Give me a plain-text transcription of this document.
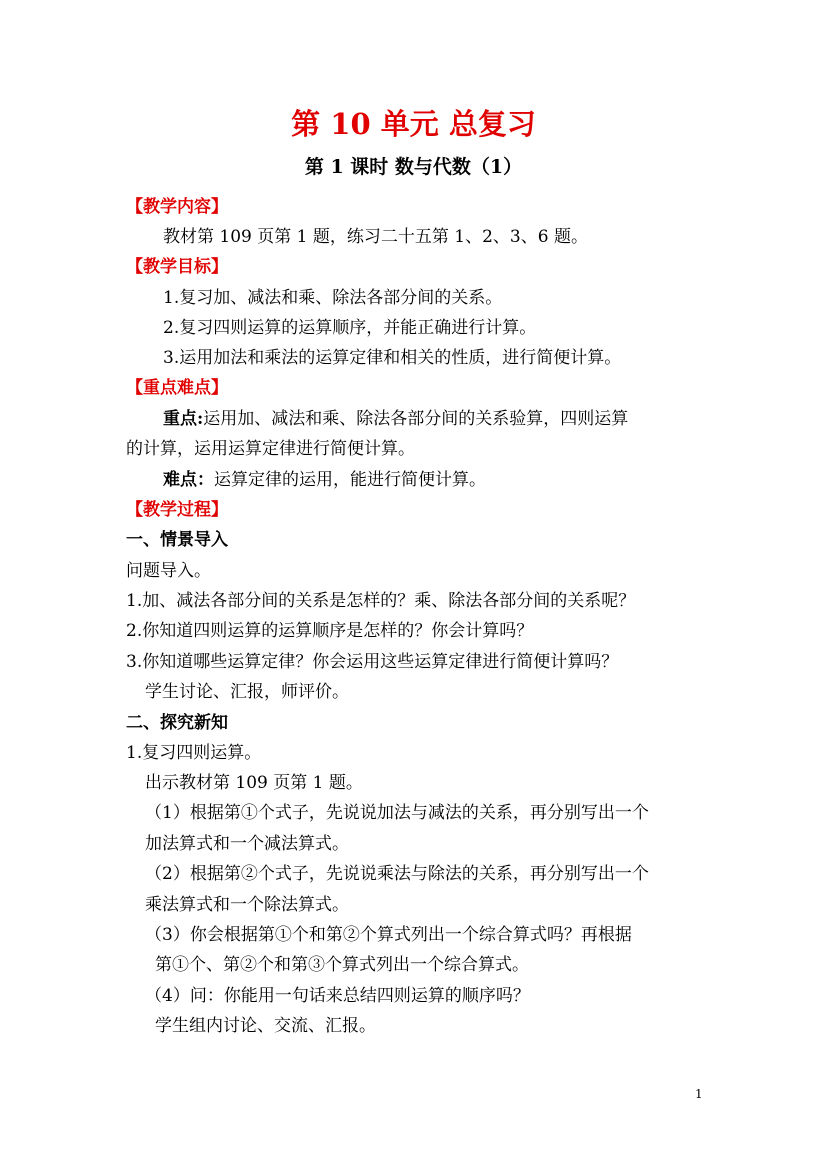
第 10 单元 总复习
第 1 课时 数与代数（1）
【教学内容】
教材第 109 页第 1 题，练习二十五第 1、2、3、6 题。
【教学目标】
1.复习加、减法和乘、除法各部分间的关系。
2.复习四则运算的运算顺序，并能正确进行计算。
3.运用加法和乘法的运算定律和相关的性质，进行简便计算。
【重点难点】
重点:运用加、减法和乘、除法各部分间的关系验算，四则运算
的计算，运用运算定律进行简便计算。
难点：运算定律的运用，能进行简便计算。
【教学过程】
一、情景导入
问题导入。
1.加、减法各部分间的关系是怎样的？乘、除法各部分间的关系呢？
2.你知道四则运算的运算顺序是怎样的？你会计算吗？
3.你知道哪些运算定律？你会运用这些运算定律进行简便计算吗？
学生讨论、汇报，师评价。
二、探究新知
1.复习四则运算。
出示教材第 109 页第 1 题。
（1）根据第①个式子，先说说加法与减法的关系，再分别写出一个
加法算式和一个减法算式。
（2）根据第②个式子，先说说乘法与除法的关系，再分别写出一个
乘法算式和一个除法算式。
（3）你会根据第①个和第②个算式列出一个综合算式吗？再根据
第①个、第②个和第③个算式列出一个综合算式。
（4）问：你能用一句话来总结四则运算的顺序吗？
学生组内讨论、交流、汇报。
1
